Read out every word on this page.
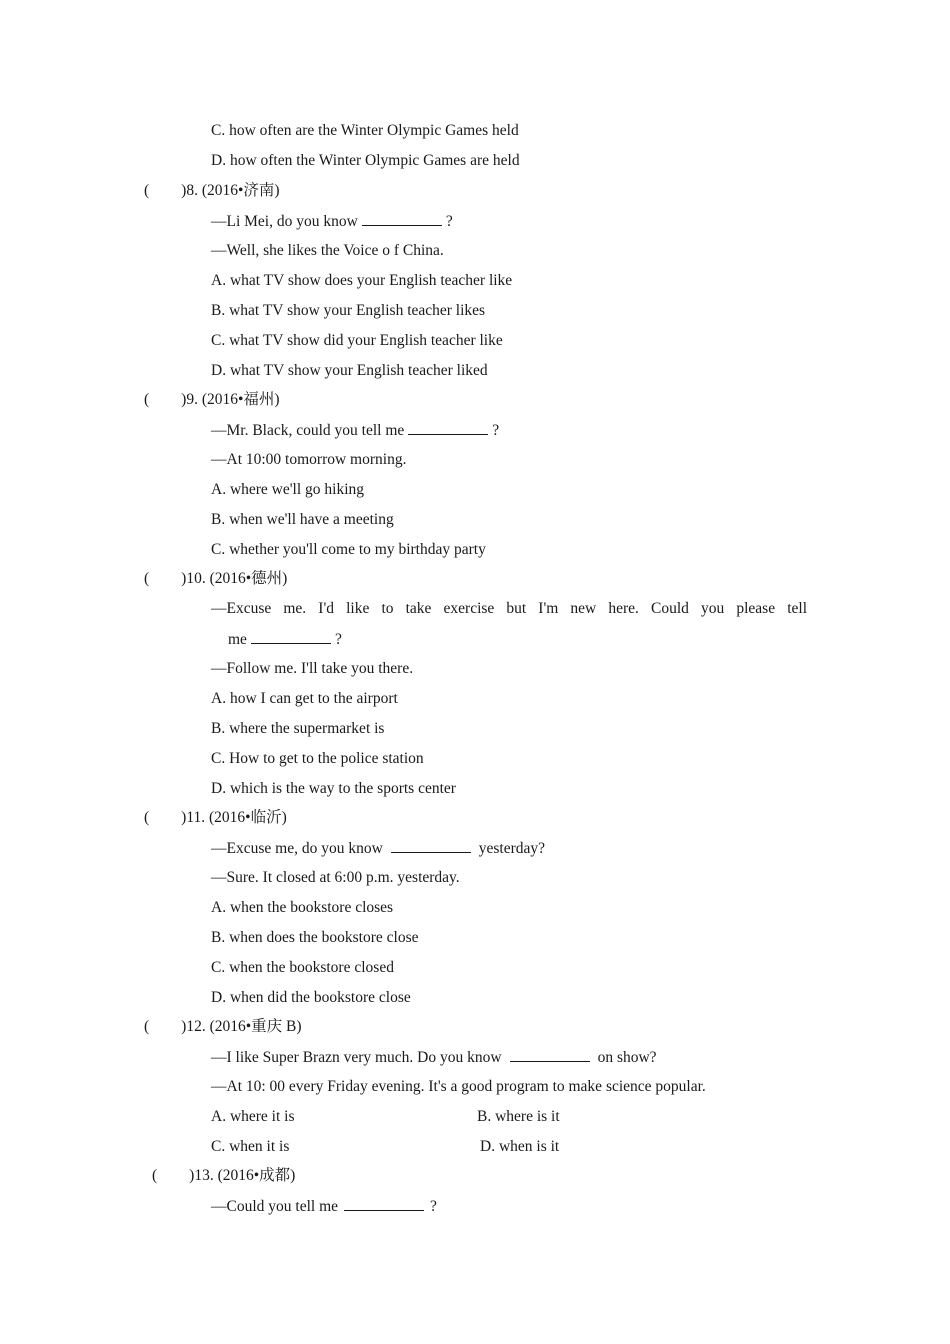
C. how often are the Winter Olympic Games held
D. how often the Winter Olympic Games are held
( )8. (2016•济南)
—Li Mei, do you know	?
—Well, she likes the Voice o f China.
A. what TV show does your English teacher like
B. what TV show your English teacher likes
C. what TV show did your English teacher like
D. what TV show your English teacher liked
( )9. (2016•福州)
—Mr. Black, could you tell me	?
—At 10:00 tomorrow morning.
A. where we'll go hiking
B. when we'll have a meeting
C. whether you'll come to my birthday party
( )10. (2016•德州)
—Excuse me. I'd like to take exercise but I'm new here. Could you please tell
me	?
—Follow me. I'll take you there.
A. how I can get to the airport
B. where the supermarket is
C. How to get to the police station
D. which is the way to the sports center
( )11. (2016•临沂)
—Excuse me, do you know	yesterday?
—Sure. It closed at 6:00 p.m. yesterday.
A. when the bookstore closes
B. when does the bookstore close
C. when the bookstore closed
D. when did the bookstore close
( )12. (2016•重庆 B)
—I like Super Brazn very much. Do you know	on show?
—At 10: 00 every Friday evening. It's a good program to make science popular.
A. where it is	B. where is it
C. when it is	D. when is it
( )13. (2016•成都)
—Could you tell me	?
